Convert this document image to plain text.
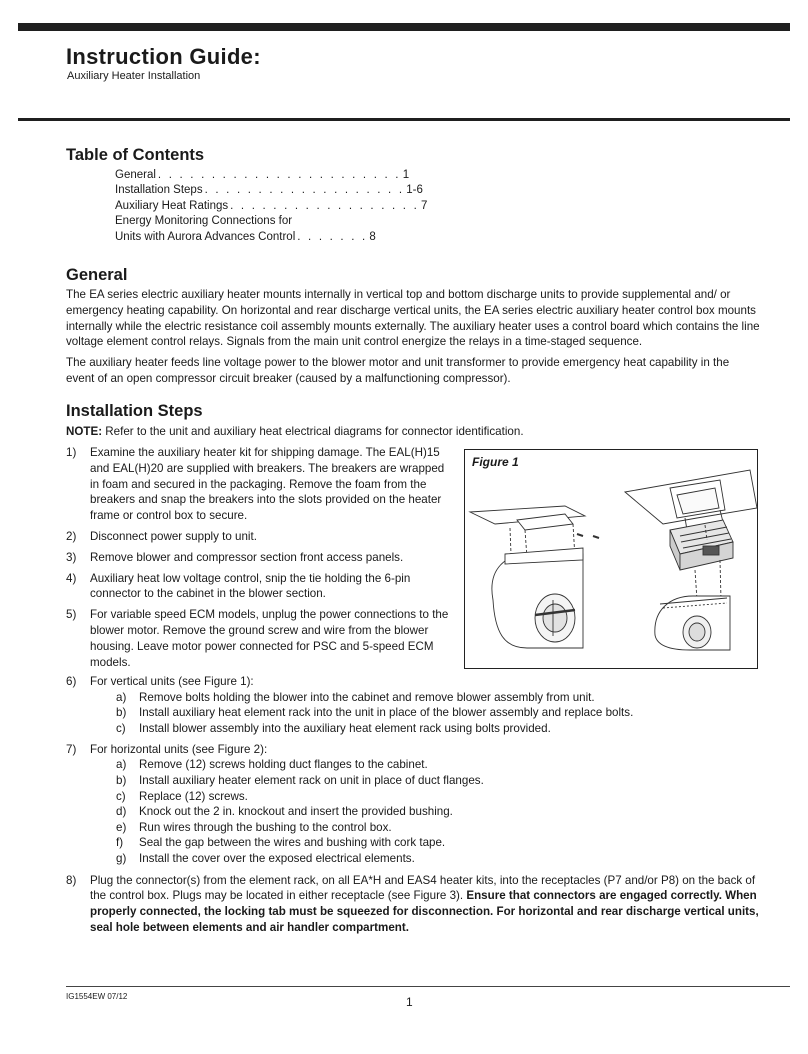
Instruction Guide:
Auxiliary Heater Installation
Table of Contents
General . . . . . . . . . . . . . . . . . . . . . . . 1
Installation Steps . . . . . . . . . . . . . . . . . . . 1-6
Auxiliary Heat Ratings . . . . . . . . . . . . . . . . . . 7
Energy Monitoring Connections for
Units with Aurora Advances Control . . . . . . . 8
General

The EA series electric auxiliary heater mounts internally in vertical top and bottom discharge units to provide supplemental and/ or emergency heating capability. On horizontal and rear discharge vertical units, the EA series electric auxiliary heater control box mounts internally while the electric resistance coil assembly mounts externally. The auxiliary heater uses a control board which contains the line voltage element control relays. Signals from the main unit control energize the relays in a time-staged sequence.

The auxiliary heater feeds line voltage power to the blower motor and unit transformer to provide emergency heat capability in the event of an open compressor circuit breaker (caused by a malfunctioning compressor).

Installation Steps
NOTE: Refer to the unit and auxiliary heat electrical diagrams for connector identification.
1)	Examine the auxiliary heater kit for shipping damage. The EAL(H)15 and EAL(H)20 are supplied with breakers. The breakers are wrapped in foam and secured in the packaging. Remove the foam from the breakers and snap the breakers into the slots provided on the heater frame or control box to secure.
2)	Disconnect power supply to unit.
3)	Remove blower and compressor section front access panels.
4)	Auxiliary heat low voltage control, snip the tie holding the 6-pin connector to the cabinet in the blower section.
5)	For variable speed ECM models, unplug the power connections to the blower motor. Remove the ground screw and wire from the blower housing. Leave motor power connected for PSC and 5-speed ECM models.
Figure 1
6)	For vertical units (see Figure 1):
a)	Remove bolts holding the blower into the cabinet and remove blower assembly from unit.
b)	Install auxiliary heat element rack into the unit in place of the blower assembly and replace bolts.
c)	Install blower assembly into the auxiliary heat element rack using bolts provided.
7)	For horizontal units (see Figure 2):
a)	Remove (12) screws holding duct flanges to the cabinet.
b)	Install auxiliary heater element rack on unit in place of duct flanges.
c)	Replace (12) screws.
d)	Knock out the 2 in. knockout and insert the provided bushing.
e)	Run wires through the bushing to the control box.
f)	Seal the gap between the wires and bushing with cork tape.
g)	Install the cover over the exposed electrical elements.
8)	Plug the connector(s) from the element rack, on all EA*H and EAS4 heater kits, into the receptacles (P7 and/or P8) on the back of the control box. Plugs may be located in either receptacle (see Figure 3). Ensure that connectors are engaged correctly. When properly connected, the locking tab must be squeezed for disconnection. For horizontal and rear discharge vertical units, seal hole between elements and air handler compartment.
IG1554EW 07/12	1
